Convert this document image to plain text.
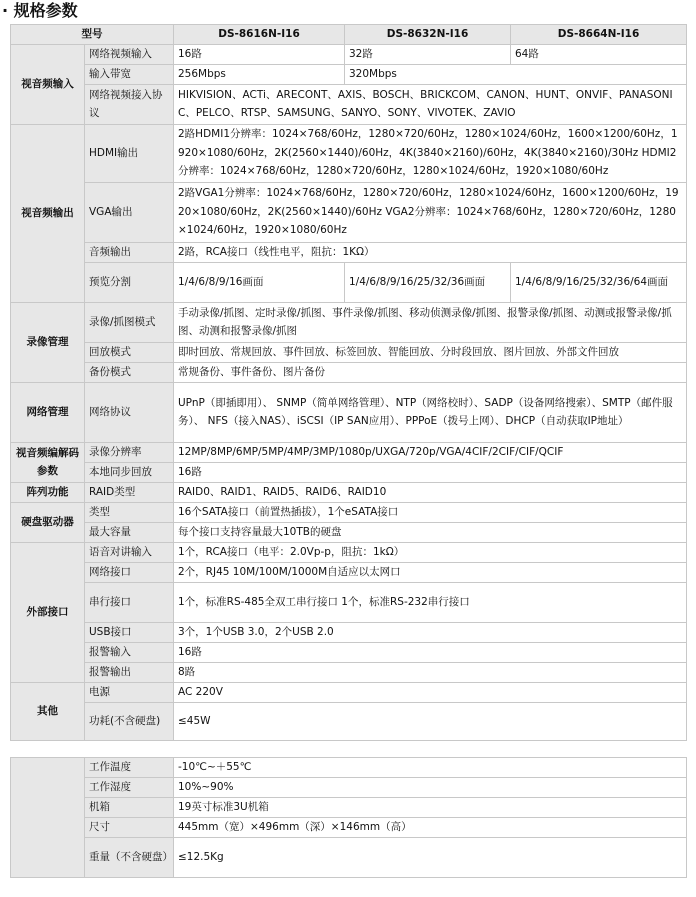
· 规格参数
型号		DS-8616N-I16	DS-8632N-I16	DS-8664N-I16
视音频输入	网络视频输入	16路	32路	64路
	输入带宽	256Mbps	320Mbps	
	网络视频接入协议	HIKVISION、ACTi、ARECONT、AXIS、BOSCH、BRICKCOM、CANON、HUNT、ONVIF、PANASONIC、PELCO、RTSP、SAMSUNG、SANYO、SONY、VIVOTEK、ZAVIO		
视音频输出	HDMI输出	2路HDMI1分辨率：1024×768/60Hz，1280×720/60Hz，1280×1024/60Hz，1600×1200/60Hz，1920×1080/60Hz，2K(2560×1440)/60Hz，4K(3840×2160)/60Hz，4K(3840×2160)/30Hz HDMI2分辨率：1024×768/60Hz，1280×720/60Hz，1280×1024/60Hz，1920×1080/60Hz		
	VGA输出	2路VGA1分辨率：1024×768/60Hz，1280×720/60Hz，1280×1024/60Hz，1600×1200/60Hz，1920×1080/60Hz，2K(2560×1440)/60Hz VGA2分辨率：1024×768/60Hz，1280×720/60Hz，1280×1024/60Hz，1920×1080/60Hz		
	音频输出	2路，RCA接口（线性电平，阻抗：1KΩ）		
	预览分割	1/4/6/8/9/16画面	1/4/6/8/9/16/25/32/36画面	1/4/6/8/9/16/25/32/36/64画面
录像管理	录像/抓图模式	手动录像/抓图、定时录像/抓图、事件录像/抓图、移动侦测录像/抓图、报警录像/抓图、动测或报警录像/抓图、动测和报警录像/抓图		
	回放模式	即时回放、常规回放、事件回放、标签回放、智能回放、分时段回放、图片回放、外部文件回放		
	备份模式	常规备份、事件备份、图片备份		
网络管理	网络协议	UPnP（即插即用）、 SNMP（简单网络管理）、NTP（网络校时）、SADP（设备网络搜索）、SMTP（邮件服务）、 NFS（接入NAS）、iSCSI（IP SAN应用）、PPPoE（拨号上网）、DHCP（自动获取IP地址）		
视音频编解码参数	录像分辨率	12MP/8MP/6MP/5MP/4MP/3MP/1080p/UXGA/720p/VGA/4CIF/2CIF/CIF/QCIF		
	本地同步回放	16路		
阵列功能	RAID类型	RAID0、RAID1、RAID5、RAID6、RAID10		
硬盘驱动器	类型	16个SATA接口（前置热插拔），1个eSATA接口		
	最大容量	每个接口支持容量最大10TB的硬盘		
外部接口	语音对讲输入	1个，RCA接口（电平：2.0Vp-p，阻抗：1kΩ）		
	网络接口	2个，RJ45 10M/100M/1000M自适应以太网口		
	串行接口	1个，标准RS-485全双工串行接口 1个，标准RS-232串行接口		
	USB接口	3个，1个USB 3.0，2个USB 2.0		
	报警输入	16路		
	报警输出	8路		
其他	电源	AC 220V		
	功耗(不含硬盘)	≤45W		
	工作温度	-10℃~＋55℃
	工作湿度	10%~90%
	机箱	19英寸标准3U机箱
	尺寸	445mm（宽）×496mm（深）×146mm（高）
	重量（不含硬盘）	≤12.5Kg
